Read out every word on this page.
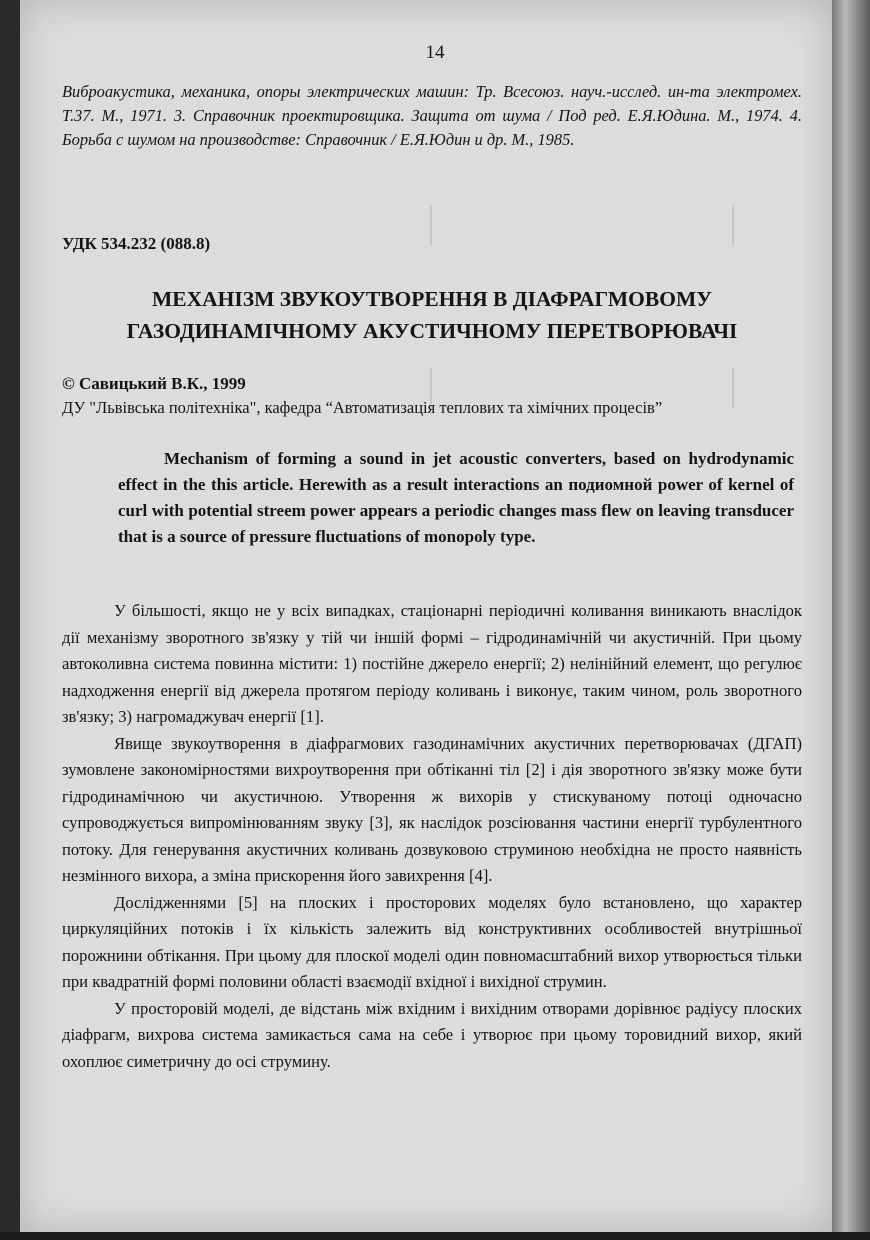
14
Виброакустика, механика, опоры электрических машин: Тр. Всесоюз. науч.-исслед. ин-та электромех. Т.37. М., 1971. 3. Справочник проектировщика. Защита от шума / Под ред. Е.Я.Юдина. М., 1974. 4. Борьба с шумом на производстве: Справочник / Е.Я.Юдин и др. М., 1985.
УДК 534.232 (088.8)
МЕХАНІЗМ ЗВУКОУТВОРЕННЯ В ДІАФРАГМОВОМУ
ГАЗОДИНАМІЧНОМУ АКУСТИЧНОМУ ПЕРЕТВОРЮВАЧІ
© Савицький В.К., 1999
ДУ "Львівська політехніка", кафедра “Автоматизація теплових та хімічних процесів”
Mechanism of forming a sound in jet acoustic converters, based on hydrodynamic effect in the this article. Herewith as a result interactions an подиомной power of kernel of curl with potential streem power appears a periodic changes mass flew on leaving transducer that is a source of pressure fluctuations of monopoly type.

У більшості, якщо не у всіх випадках, стаціонарні періодичні коливання виникають внаслідок дії механізму зворотного зв'язку у тій чи іншій формі – гідродинамічній чи акустичній. При цьому автоколивна система повинна містити: 1) постійне джерело енергії; 2) нелінійний елемент, що регулює надходження енергії від джерела протягом періоду коливань і виконує, таким чином, роль зворотного зв'язку; 3) нагромаджувач енергії [1].

Явище звукоутворення в діафрагмових газодинамічних акустичних перетворювачах (ДГАП) зумовлене закономірностями вихроутворення при обтіканні тіл [2] і дія зворотного зв'язку може бути гідродинамічною чи акустичною. Утворення ж вихорів у стискуваному потоці одночасно супроводжується випромінюванням звуку [3], як наслідок розсіювання частини енергії турбулентного потоку. Для генерування акустичних коливань дозвуковою струминою необхідна не просто наявність незмінного вихора, а зміна прискорення його завихрення [4].

Дослідженнями [5] на плоских і просторових моделях було встановлено, що характер циркуляційних потоків і їх кількість залежить від конструктивних особливостей внутрішньої порожнини обтікання. При цьому для плоскої моделі один повномасштабний вихор утворюється тільки при квадратній формі половини області взаємодії вхідної і вихідної струмин.

У просторовій моделі, де відстань між вхідним і вихідним отворами дорівнює радіусу плоских діафрагм, вихрова система замикається сама на себе і утворює при цьому торовидний вихор, який охоплює симетричну до осі струмину.
